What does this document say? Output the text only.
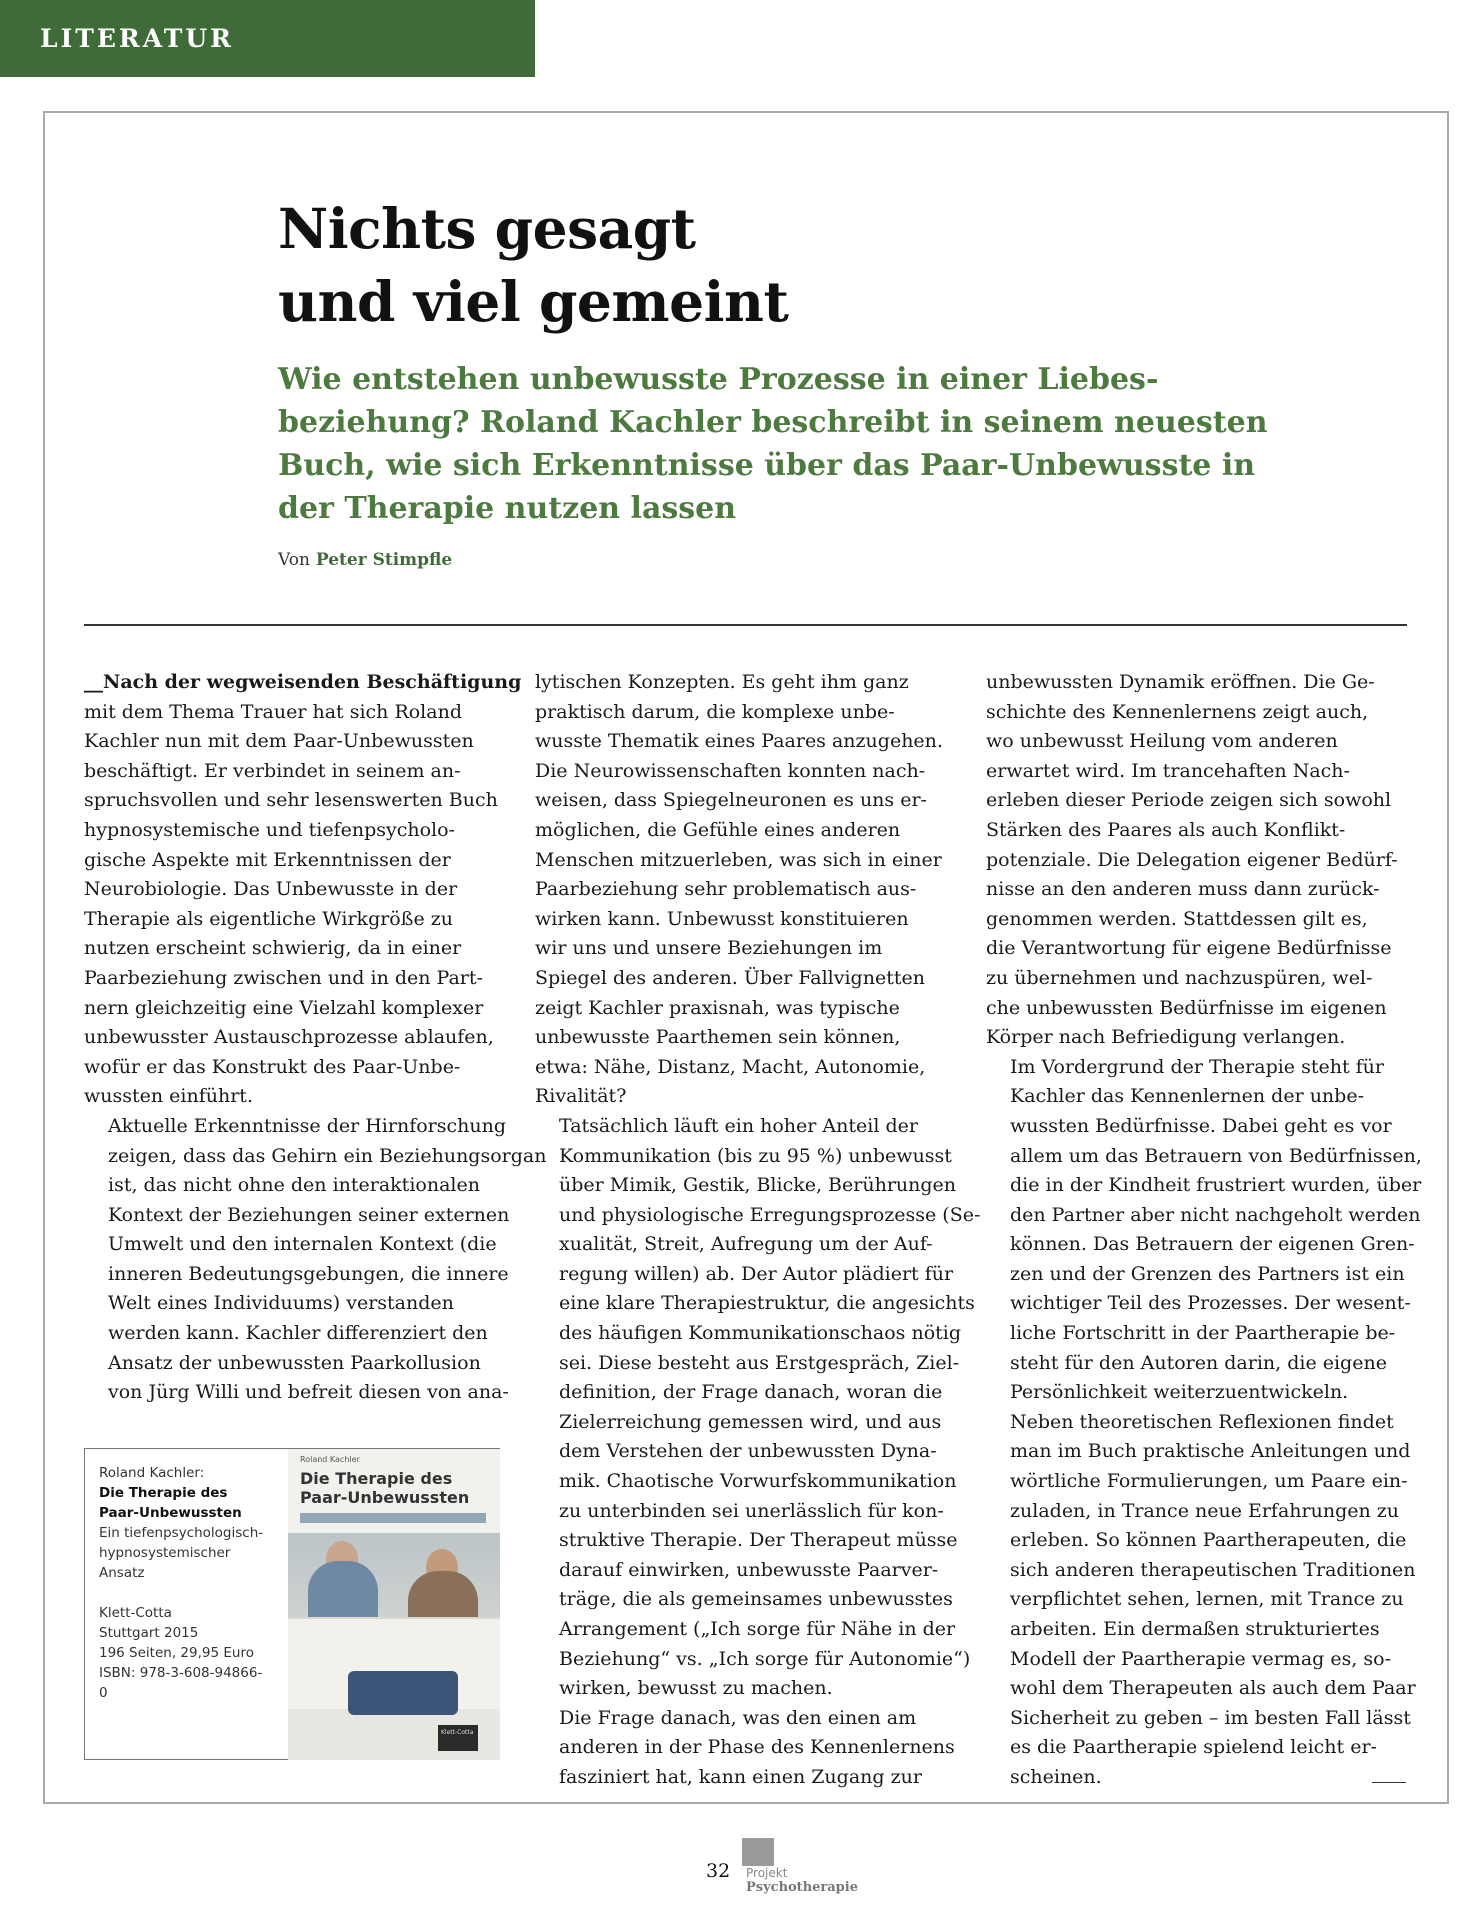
LITERATUR
Nichts gesagt
und viel gemeint
Wie entstehen unbewusste Prozesse in einer Liebes-
beziehung? Roland Kachler beschreibt in seinem neuesten
Buch, wie sich Erkenntnisse über das Paar-Unbewusste in
der Therapie nutzen lassen
Von Peter Stimpfle

__Nach der wegweisenden Beschäftigung
mit dem Thema Trauer hat sich Roland
Kachler nun mit dem Paar-Unbewussten
beschäftigt. Er verbindet in seinem an-
spruchsvollen und sehr lesenswerten Buch
hypnosystemische und tiefenpsycholo-
gische Aspekte mit Erkenntnissen der
Neurobiologie. Das Unbewusste in der
Therapie als eigentliche Wirkgröße zu
nutzen erscheint schwierig, da in einer
Paarbeziehung zwischen und in den Part-
nern gleichzeitig eine Vielzahl komplexer
unbewusster Austauschprozesse ablaufen,
wofür er das Konstrukt des Paar-Unbe-
wussten einführt.

Aktuelle Erkenntnisse der Hirnforschung
zeigen, dass das Gehirn ein Beziehungsorgan
ist, das nicht ohne den interaktionalen
Kontext der Beziehungen seiner externen
Umwelt und den internalen Kontext (die
inneren Bedeutungsgebungen, die innere
Welt eines Individuums) verstanden
werden kann. Kachler differenziert den
Ansatz der unbewussten Paarkollusion
von Jürg Willi und befreit diesen von ana-

lytischen Konzepten. Es geht ihm ganz
praktisch darum, die komplexe unbe-
wusste Thematik eines Paares anzugehen.
Die Neurowissenschaften konnten nach-
weisen, dass Spiegelneuronen es uns er-
möglichen, die Gefühle eines anderen
Menschen mitzuerleben, was sich in einer
Paarbeziehung sehr problematisch aus-
wirken kann. Unbewusst konstituieren
wir uns und unsere Beziehungen im
Spiegel des anderen. Über Fallvignetten
zeigt Kachler praxisnah, was typische
unbewusste Paarthemen sein können,
etwa: Nähe, Distanz, Macht, Autonomie,
Rivalität?

Tatsächlich läuft ein hoher Anteil der
Kommunikation (bis zu 95 %) unbewusst
über Mimik, Gestik, Blicke, Berührungen
und physiologische Erregungsprozesse (Se-
xualität, Streit, Aufregung um der Auf-
regung willen) ab. Der Autor plädiert für
eine klare Therapiestruktur, die angesichts
des häufigen Kommunikationschaos nötig
sei. Diese besteht aus Erstgespräch, Ziel-
definition, der Frage danach, woran die
Zielerreichung gemessen wird, und aus
dem Verstehen der unbewussten Dyna-
mik. Chaotische Vorwurfskommunikation
zu unterbinden sei unerlässlich für kon-
struktive Therapie. Der Therapeut müsse
darauf einwirken, unbewusste Paarver-
träge, die als gemeinsames unbewusstes
Arrangement („Ich sorge für Nähe in der
Beziehung“ vs. „Ich sorge für Autonomie“)
wirken, bewusst zu machen.

Die Frage danach, was den einen am
anderen in der Phase des Kennenlernens
fasziniert hat, kann einen Zugang zur

unbewussten Dynamik eröffnen. Die Ge-
schichte des Kennenlernens zeigt auch,
wo unbewusst Heilung vom anderen
erwartet wird. Im trancehaften Nach-
erleben dieser Periode zeigen sich sowohl
Stärken des Paares als auch Konflikt-
potenziale. Die Delegation eigener Bedürf-
nisse an den anderen muss dann zurück-
genommen werden. Stattdessen gilt es,
die Verantwortung für eigene Bedürfnisse
zu übernehmen und nachzuspüren, wel-
che unbewussten Bedürfnisse im eigenen
Körper nach Befriedigung verlangen.

Im Vordergrund der Therapie steht für
Kachler das Kennenlernen der unbe-
wussten Bedürfnisse. Dabei geht es vor
allem um das Betrauern von Bedürfnissen,
die in der Kindheit frustriert wurden, über
den Partner aber nicht nachgeholt werden
können. Das Betrauern der eigenen Gren-
zen und der Grenzen des Partners ist ein
wichtiger Teil des Prozesses. Der wesent-
liche Fortschritt in der Paartherapie be-
steht für den Autoren darin, die eigene
Persönlichkeit weiterzuentwickeln.

Neben theoretischen Reflexionen findet
man im Buch praktische Anleitungen und
wörtliche Formulierungen, um Paare ein-
zuladen, in Trance neue Erfahrungen zu
erleben. So können Paartherapeuten, die
sich anderen therapeutischen Traditionen
verpflichtet sehen, lernen, mit Trance zu
arbeiten. Ein dermaßen strukturiertes
Modell der Paartherapie vermag es, so-
wohl dem Therapeuten als auch dem Paar
Sicherheit zu geben – im besten Fall lässt
es die Paartherapie spielend leicht er-
scheinen.

Roland Kachler:
Die Therapie des
Paar-Unbewussten
Ein tiefenpsychologisch-
hypnosystemischer
Ansatz
Klett-Cotta
Stuttgart 2015
196 Seiten, 29,95 Euro
ISBN: 978-3-608-94866-0
Roland Kachler
Die Therapie des Paar-Unbewussten
Klett-Cotta
32 Projekt
Psychotherapie
